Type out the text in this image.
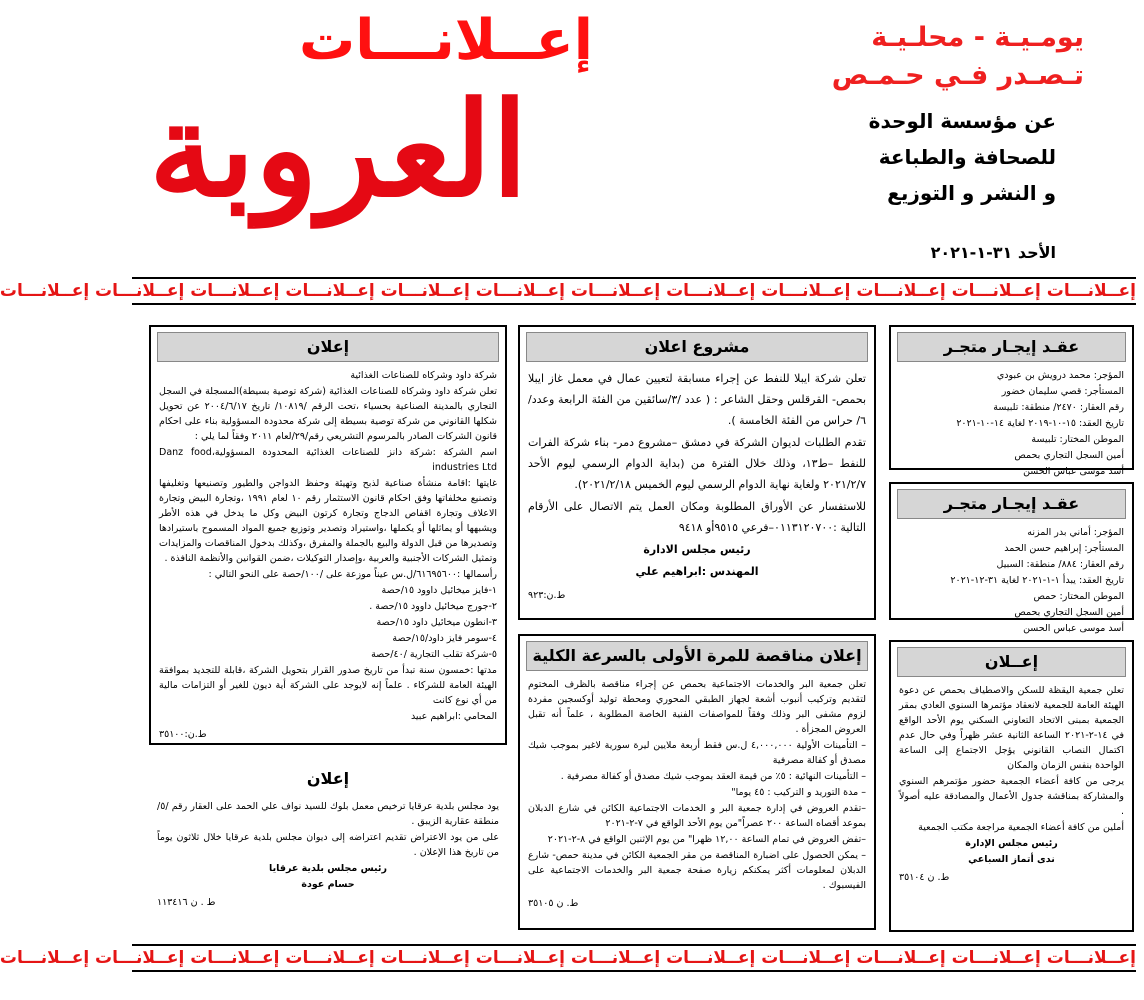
إعــلانـــات
العروبة
يومـيـة - محلـيـة
تـصـدر فـي حـمـص
عن مؤسسة الوحدة
للصحافة والطباعة
و النشر و التوزيع
الأحد ٣١-١-٢٠٢١
إعــلانـــات إعــلانـــات إعــلانـــات إعــلانـــات إعــلانـــات إعــلانـــات إعــلانـــات إعــلانـــات إعــلانـــات إعــلانـــات إعــلانـــات إعــلانـــات
عقـد إيجـار متجـر

المؤجر: محمد درويش بن عبودي

المستأجر: قصي سليمان خضور

رقم العقار: ٢٤٧٠/ منطقة: تلبيسة

تاريخ العقد: ١٥-١٠-٢٠١٩ لغاية ١٤-١٠-٢٠٢١

الموطن المختار: تلبيسة

أمين السجل التجاري بحمص

أسد موسى عباس الحسن

عقـد إيجـار متجـر

المؤجر: أماني بدر المزنه

المستأجر: إبراهيم حسن الحمد

رقم العقار: ٨٨٤/ منطقة: السبيل

تاريخ العقد: يبدأ ١-١-٢٠٢١ لغاية ٣١-١٢-٢٠٢١

الموطن المختار: حمص

أمين السجل التجاري بحمص

أسد موسى عباس الحسن

إعــلان

تعلن جمعية اليقظة للسكن والاصطياف بحمص عن دعوة الهيئة العامة للجمعية لانعقاد مؤتمرها السنوي العادي بمقر الجمعية بمبنى الاتحاد التعاوني السكني يوم الأحد الواقع في ١٤-٢-٢٠٢١ الساعة الثانية عشر ظهراً وفي حال عدم اكتمال النصاب القانوني يؤجل الاجتماع إلى الساعة الواحدة بنفس الزمان والمكان

يرجى من كافة أعضاء الجمعية حضور مؤتمرهم السنوي والمشاركة بمناقشة جدول الأعمال والمصادقة عليه أصولاً .

أملين من كافة أعضاء الجمعية مراجعة مكتب الجمعية

رئيس مجلس الإدارة

ندى أتماز السباعي

ط. ن ٣٥١٠٤

مشروع اعلان

تعلن شركة ايبلا للنفط عن إجراء مسابقة لتعيين عمال في معمل غاز ايبلا بحمص- القرقلس وحقل الشاعر : ( عدد /٣/سائقين من الفئة الرابعة وعدد/٦/ حراس من الفئة الخامسة ).

تقدم الطلبات لديوان الشركة في دمشق –مشروع دمر- بناء شركة الفرات للنفط –ط١٣، وذلك خلال الفترة من (بداية الدوام الرسمي ليوم الأحد ٢٠٢١/٢/٧ ولغاية نهاية الدوام الرسمي ليوم الخميس ٢٠٢١/٢/١٨).

للاستفسار عن الأوراق المطلوبة ومكان العمل يتم الاتصال على الأرقام التالية :٠١١٣١٢٠٧٠٠–فرعي ٩٥١٥أو ٩٤١٨

رئيس مجلس الادارة

المهندس :ابراهيم علي

ط.ن:٩٢٣

إعلان مناقصة للمرة الأولى بالسرعة الكلية

تعلن جمعية البر والخدمات الاجتماعية بحمص عن إجراء مناقصة بالظرف المختوم لتقديم وتركيب أنبوب أشعة لجهاز الطبقي المحوري ومحطة توليد أوكسجين مفردة لزوم مشفى البر وذلك وفقاً للمواصفات الفنية الخاصة المطلوبة ، علماً أنه تقبل العروض المجزأة .

– التأمينات الأولية ٤,٠٠٠,٠٠٠ ل.س فقط أربعة ملايين ليرة سورية لاغير بموجب شيك مصدق أو كفالة مصرفية

– التأمينات النهائية : ٥٪ من قيمة العقد بموجب شيك مصدق أو كفالة مصرفية .

– مدة التوريد و التركيب : ٤٥ يوما"

–تقدم العروض في إدارة جمعية البر و الخدمات الاجتماعية الكائن في شارع الدبلان بموعد أقصاه الساعة ٢٠٠ عصراً"من يوم الأحد الواقع في ٧-٢-٢٠٢١

–تفض العروض في تمام الساعة ١٢,٠٠ ظهرا" من يوم الإثنين الواقع في ٨-٢-٢٠٢١

– يمكن الحصول على اضبارة المناقصة من مقر الجمعية الكائن في مدينة حمص- شارع الدبلان لمعلومات أكثر يمكنكم زيارة صفحة جمعية البر والخدمات الاجتماعية على الفيسبوك .

ط. ن ٣٥١٠٥

إعلان

شركة داود وشركاه للصناعات الغذائية

تعلن شركة داود وشركاه للصناعات الغذائية (شركة توصية بسيطة)المسجلة في السجل التجاري بالمدينة الصناعية بحسياء ،تحت الرقم /١٠٨١٩/ تاريخ ٢٠٠٤/٦/١٧ عن تحويل شكلها القانوني من شركة توصية بسيطة إلى شركة محدودة المسؤولية بناء على احكام قانون الشركات الصادر بالمرسوم التشريعي رقم/٢٩/لعام ٢٠١١ وفقاً لما يلي :

اسم الشركة :شركة دانز للصناعات الغذائية المحدودة المسؤولية،Danz food industries Ltd

غايتها :اقامة منشأة صناعية لذبح وتهيئة وحفظ الدواجن والطيور وتصنيعها وتغليفها وتصنيع مخلفاتها وفق احكام قانون الاستثمار رقم ١٠ لعام ١٩٩١ ،وتجارة البيض وتجارة الاعلاف وتجارة اقفاص الدجاج وتجارة كرتون البيض وكل ما يدخل في هذه الأطر ويشبهها أو يماثلها أو يكملها ،واستيراد وتصدير وتوزيع جميع المواد المسموح باستيرادها وتصديرها من قبل الدولة والبيع بالجملة والمفرق ،وكذلك بدخول المناقصات والمزايدات وتمثيل الشركات الأجنبية والعربية ،وإصدار التوكيلات ،ضمن القوانين والأنظمة النافذة .

رأسمالها :٦١٦٩٥٦٠٠/ل.س عيناً موزعة على /١٠٠/حصة على النحو التالي :

١-فايز ميخائيل داوود ١٥/حصة

٢-جورج ميخائيل داوود ١٥/حصة .

٣-انطون ميخائيل داود ١٥/حصة

٤-سومر فايز داود/١٥/حصة

٥-شركة تقلب التجارية /٤٠/حصة

مدتها :خمسون سنة تبدأ من تاريخ صدور القرار بتحويل الشركة ،قابلة للتجديد بموافقة الهيئة العامة للشركاء . علماً إنه لايوجد على الشركة أية ديون للغير أو التزامات مالية من أي نوع كانت

المحامي :ابراهيم عبيد

ط.ن:٣٥١٠٠

إعلان

يود مجلس بلدية عرقايا ترخيص معمل بلوك للسيد نواف علي الحمد على العقار رقم /٥/ منطقة عقارية الزيبق .

على من يود الاعتراض تقديم اعتراضه إلى ديوان مجلس بلدية عرقايا خلال ثلاثون يوماً من تاريخ هذا الإعلان .

رئيس مجلس بلدية عرقايا

حسام عودة

ط . ن ١١٣٤١٦

إعــلانـــات إعــلانـــات إعــلانـــات إعــلانـــات إعــلانـــات إعــلانـــات إعــلانـــات إعــلانـــات إعــلانـــات إعــلانـــات إعــلانـــات إعــلانـــات
